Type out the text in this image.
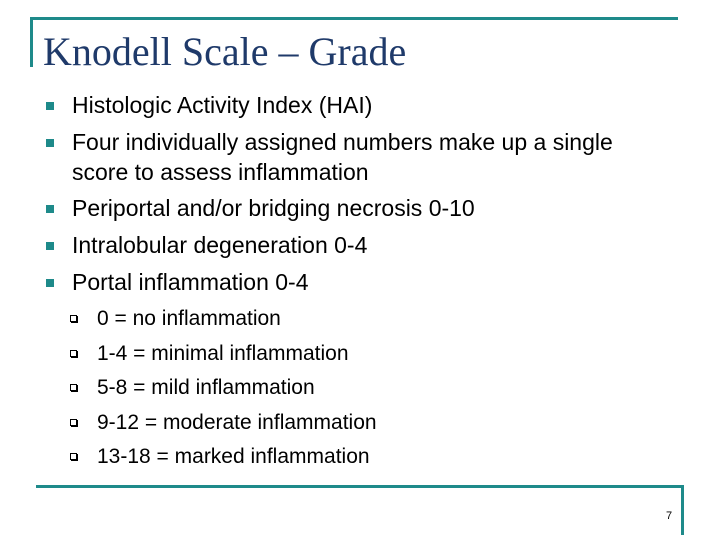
Knodell Scale – Grade
Histologic Activity Index (HAI)
Four individually assigned numbers make up a single score to assess inflammation
Periportal and/or bridging necrosis 0-10
Intralobular degeneration 0-4
Portal inflammation 0-4
0 = no inflammation
1-4 = minimal inflammation
5-8 = mild inflammation
9-12 = moderate inflammation
13-18 = marked inflammation
7
